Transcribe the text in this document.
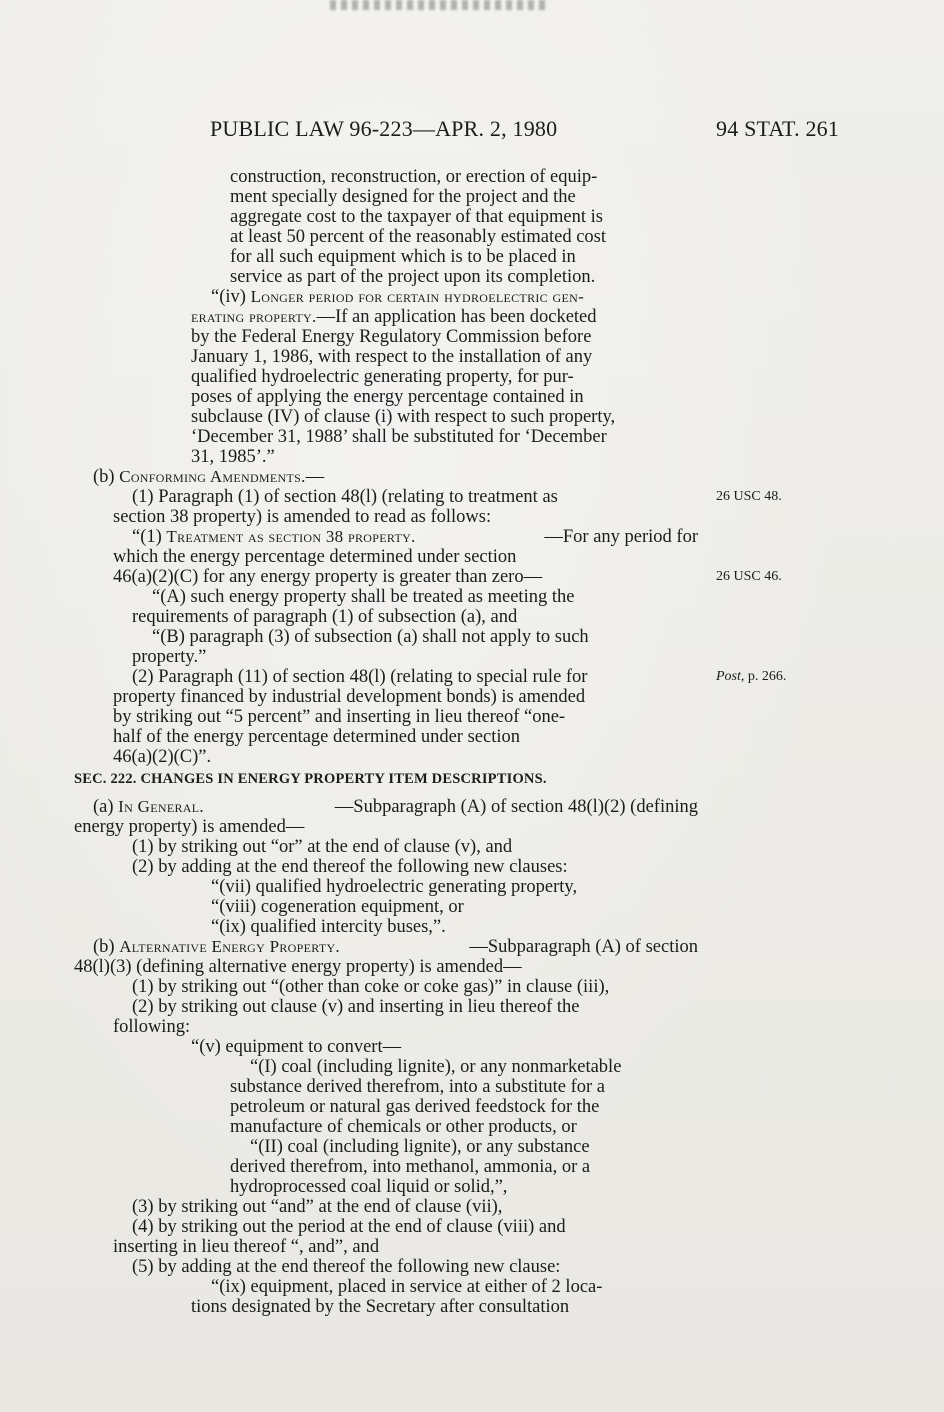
PUBLIC LAW 96-223—APR. 2, 1980	94 STAT. 261
construction, reconstruction, or erection of equip-
ment specially designed for the project and the
aggregate cost to the taxpayer of that equipment is
at least 50 percent of the reasonably estimated cost
for all such equipment which is to be placed in
service as part of the project upon its completion.
“(iv) Longer period for certain hydroelectric gen-
erating property. —If an application has been docketed
by the Federal Energy Regulatory Commission before
January 1, 1986, with respect to the installation of any
qualified hydroelectric generating property, for pur-
poses of applying the energy percentage contained in
subclause (IV) of clause (i) with respect to such property,
‘December 31, 1988’ shall be substituted for ‘December
31, 1985’.”
(b) Conforming Amendments. —
(1) Paragraph (1) of section 48(l) (relating to treatment as
section 38 property) is amended to read as follows:
“(1) Treatment as section 38 property.	—For any period for
which the energy percentage determined under section
46(a)(2)(C) for any energy property is greater than zero—
“(A) such energy property shall be treated as meeting the
requirements of paragraph (1) of subsection (a), and
“(B) paragraph (3) of subsection (a) shall not apply to such
property.”
(2) Paragraph (11) of section 48(l) (relating to special rule for
property financed by industrial development bonds) is amended
by striking out “5 percent” and inserting in lieu thereof “one-
half of the energy percentage determined under section
46(a)(2)(C)”.
SEC. 222. CHANGES IN ENERGY PROPERTY ITEM DESCRIPTIONS.
(a) In General.	—Subparagraph (A) of section 48(l)(2) (defining
energy property) is amended—
(1) by striking out “or” at the end of clause (v), and
(2) by adding at the end thereof the following new clauses:
“(vii) qualified hydroelectric generating property,
“(viii) cogeneration equipment, or
“(ix) qualified intercity buses,”.
(b) Alternative Energy Property.	—Subparagraph (A) of section
48(l)(3) (defining alternative energy property) is amended—
(1) by striking out “(other than coke or coke gas)” in clause (iii),
(2) by striking out clause (v) and inserting in lieu thereof the
following:
“(v) equipment to convert—
“(I) coal (including lignite), or any nonmarketable
substance derived therefrom, into a substitute for a
petroleum or natural gas derived feedstock for the
manufacture of chemicals or other products, or
“(II) coal (including lignite), or any substance
derived therefrom, into methanol, ammonia, or a
hydroprocessed coal liquid or solid,”,
(3) by striking out “and” at the end of clause (vii),
(4) by striking out the period at the end of clause (viii) and
inserting in lieu thereof “, and”, and
(5) by adding at the end thereof the following new clause:
“(ix) equipment, placed in service at either of 2 loca-
tions designated by the Secretary after consultation
26 USC 48.
26 USC 46.
Post, p. 266.
